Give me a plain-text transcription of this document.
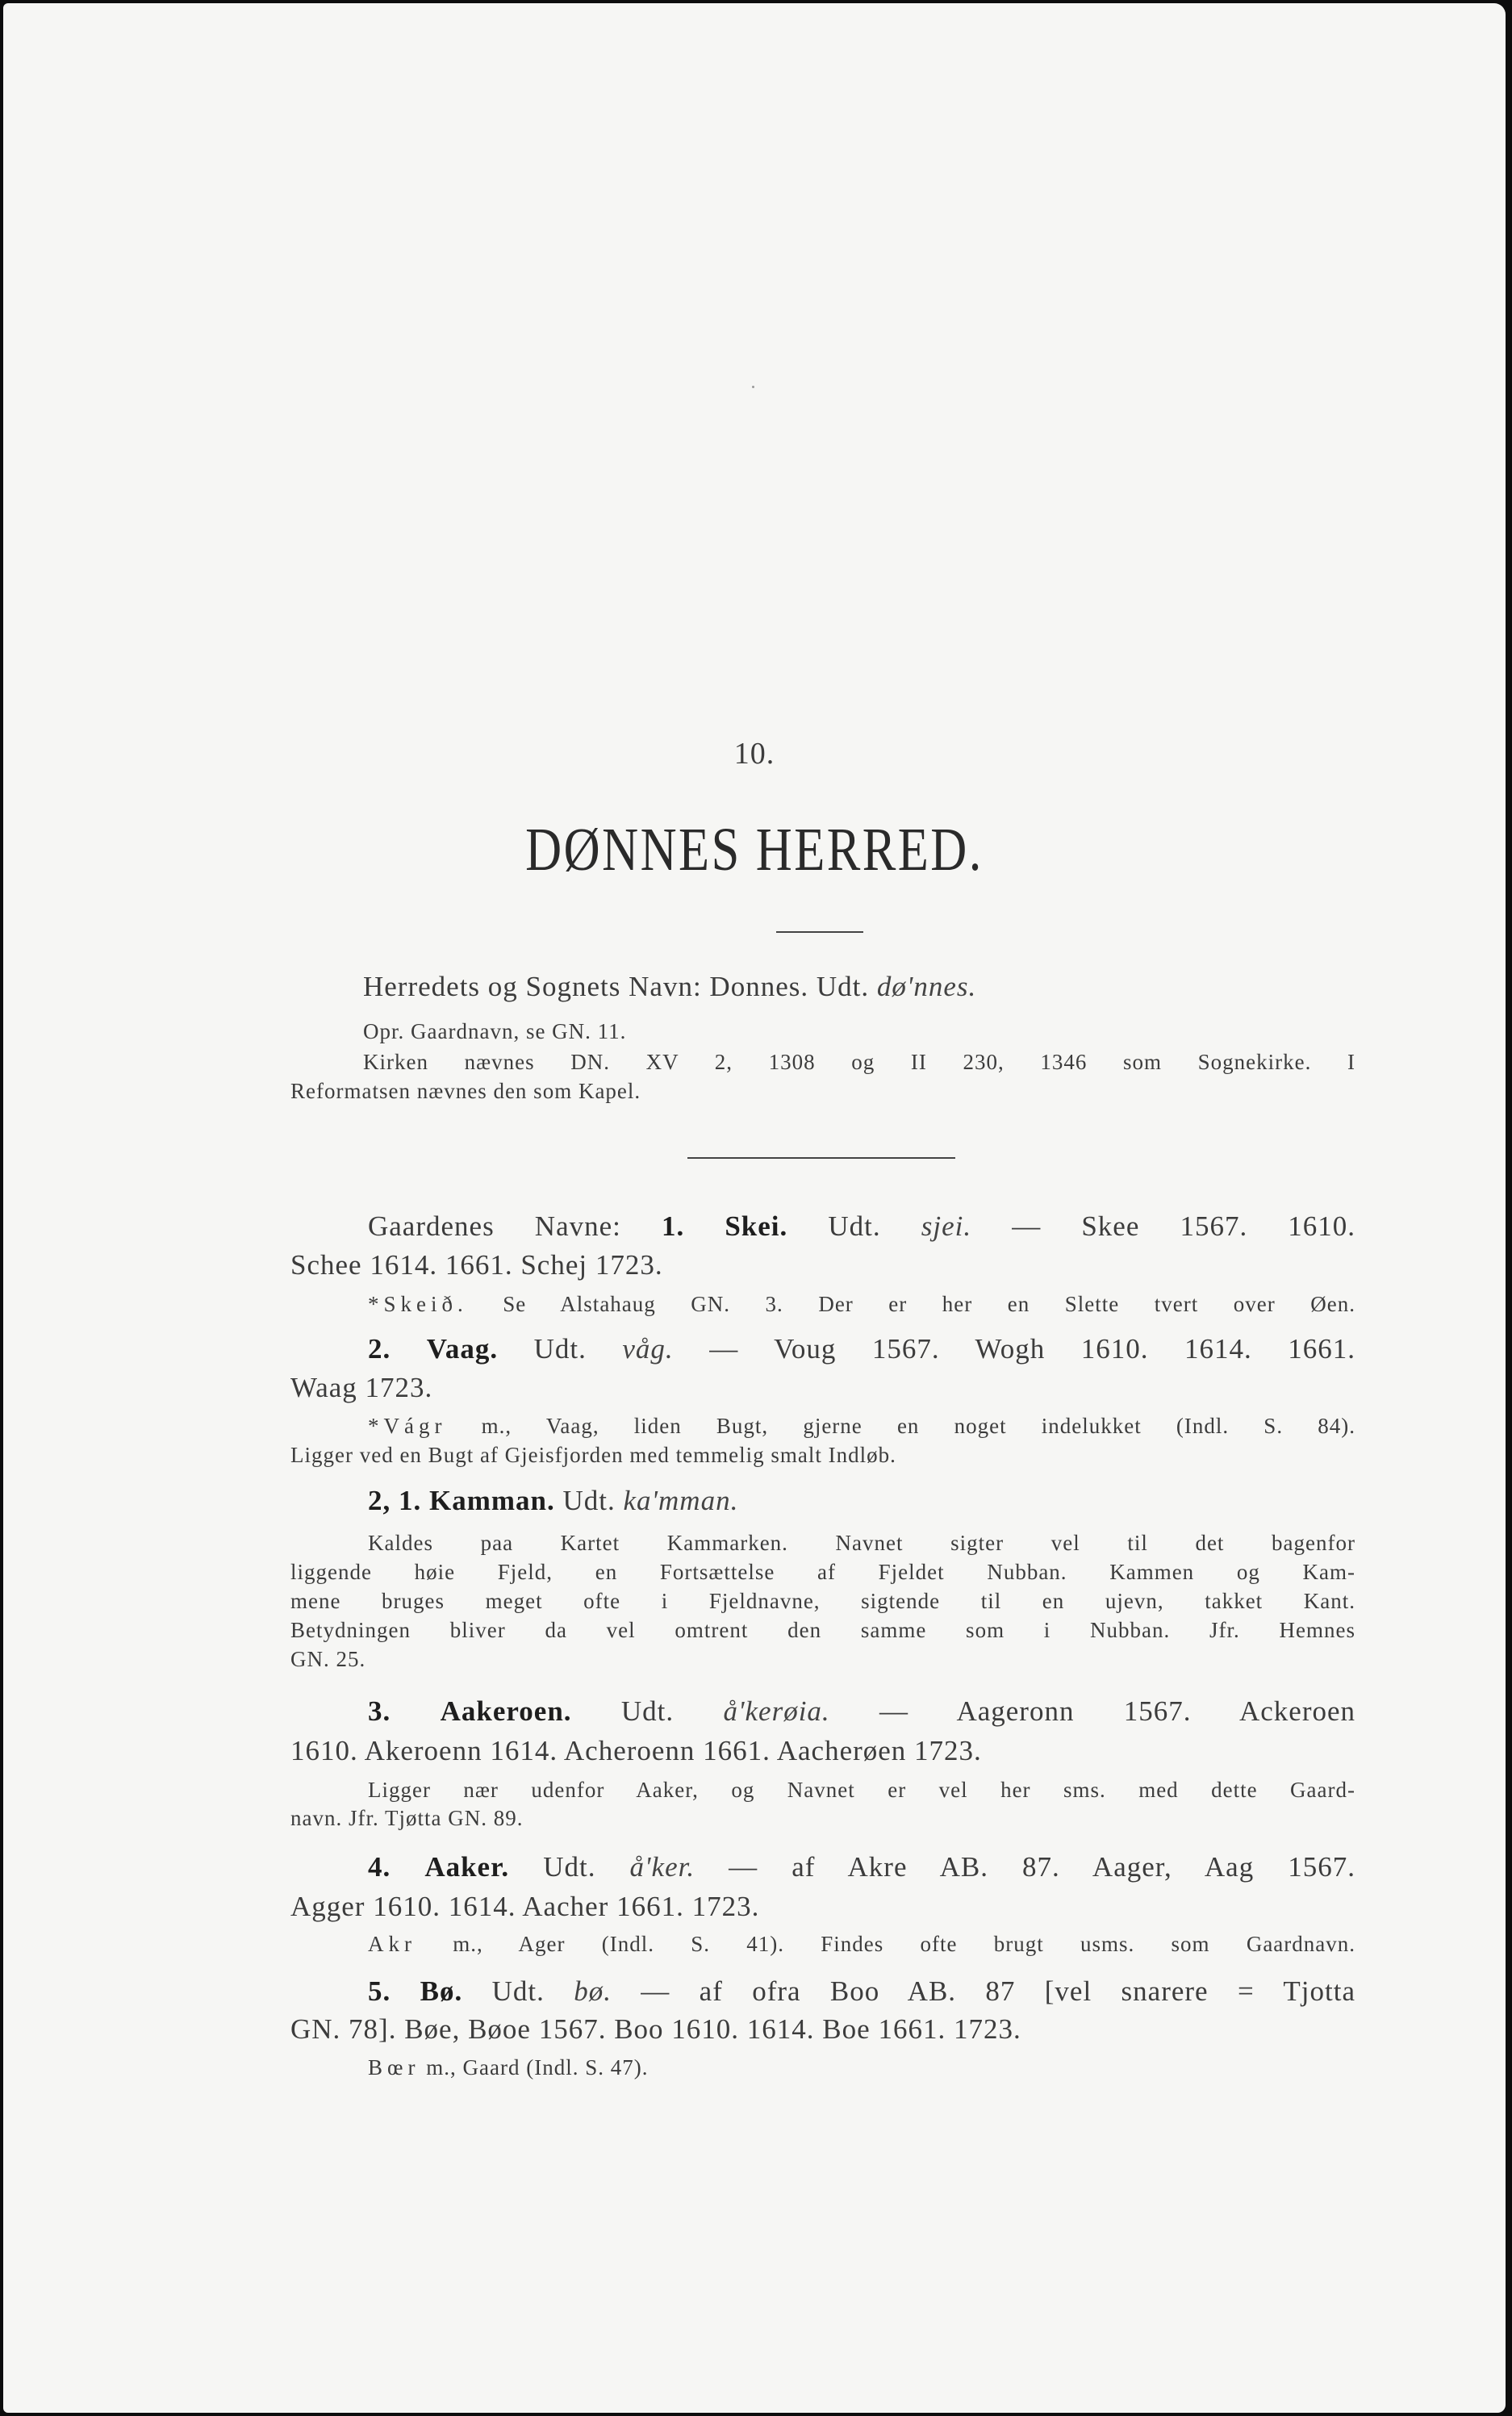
10.
DØNNES HERRED.
Herredets og Sognets Navn: Donnes. Udt. dø'nnes.
Opr. Gaardnavn, se GN. 11.
Kirken nævnes DN. XV 2, 1308 og II 230, 1346 som Sognekirke. I
Reformatsen nævnes den som Kapel.
Gaardenes Navne: 1. Skei. Udt. sjei. — Skee 1567. 1610.
Schee 1614. 1661. Schej 1723.
*Skeið. Se Alstahaug GN. 3. Der er her en Slette tvert over Øen.
2. Vaag. Udt. våg. — Voug 1567. Wogh 1610. 1614. 1661.
Waag 1723.
*Vágr m., Vaag, liden Bugt, gjerne en noget indelukket (Indl. S. 84).
Ligger ved en Bugt af Gjeisfjorden med temmelig smalt Indløb.
2, 1. Kamman. Udt. ka'mman.
Kaldes paa Kartet Kammarken. Navnet sigter vel til det bagenfor
liggende høie Fjeld, en Fortsættelse af Fjeldet Nubban. Kammen og Kam-
mene bruges meget ofte i Fjeldnavne, sigtende til en ujevn, takket Kant.
Betydningen bliver da vel omtrent den samme som i Nubban. Jfr. Hemnes
GN. 25.
3. Aakeroen. Udt. å'kerøia. — Aageronn 1567. Ackeroen
1610. Akeroenn 1614. Acheroenn 1661. Aacherøen 1723.
Ligger nær udenfor Aaker, og Navnet er vel her sms. med dette Gaard-
navn. Jfr. Tjøtta GN. 89.
4. Aaker. Udt. å'ker. — af Akre AB. 87. Aager, Aag 1567.
Agger 1610. 1614. Aacher 1661. 1723.
Akr m., Ager (Indl. S. 41). Findes ofte brugt usms. som Gaardnavn.
5. Bø. Udt. bø. — af ofra Boo AB. 87 [vel snarere = Tjotta
GN. 78]. Bøe, Bøoe 1567. Boo 1610. 1614. Boe 1661. 1723.
Bœr m., Gaard (Indl. S. 47).
